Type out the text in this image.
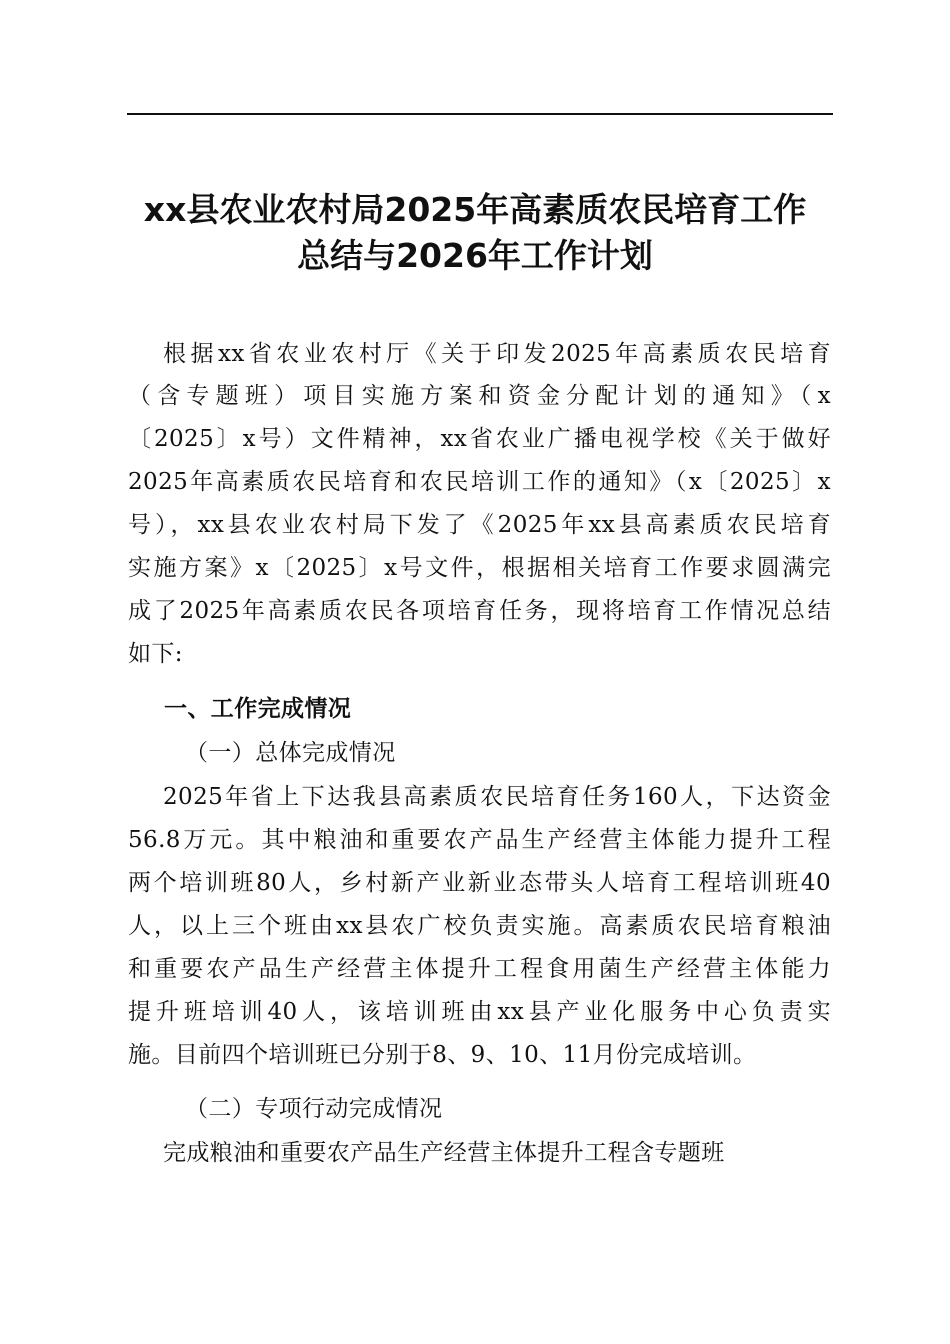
xx县农业农村局2025年高素质农民培育工作
总结与2026年工作计划
根据xx省农业农村厅《关于印发2025年高素质农民培育
（含专题班）项目实施方案和资金分配计划的通知》（x
〔2025〕x号）文件精神，xx省农业广播电视学校《关于做好
2025年高素质农民培育和农民培训工作的通知》（x〔2025〕x
号），xx县农业农村局下发了《2025年xx县高素质农民培育
实施方案》x〔2025〕x号文件，根据相关培育工作要求圆满完
成了2025年高素质农民各项培育任务，现将培育工作情况总结
如下:
一、工作完成情况
（一）总体完成情况
2025年省上下达我县高素质农民培育任务160人，下达资金
56.8万元。其中粮油和重要农产品生产经营主体能力提升工程
两个培训班80人，乡村新产业新业态带头人培育工程培训班40
人，以上三个班由xx县农广校负责实施。高素质农民培育粮油
和重要农产品生产经营主体提升工程食用菌生产经营主体能力
提升班培训40人，该培训班由xx县产业化服务中心负责实
施。目前四个培训班已分别于8、9、10、11月份完成培训。
（二）专项行动完成情况
完成粮油和重要农产品生产经营主体提升工程含专题班
